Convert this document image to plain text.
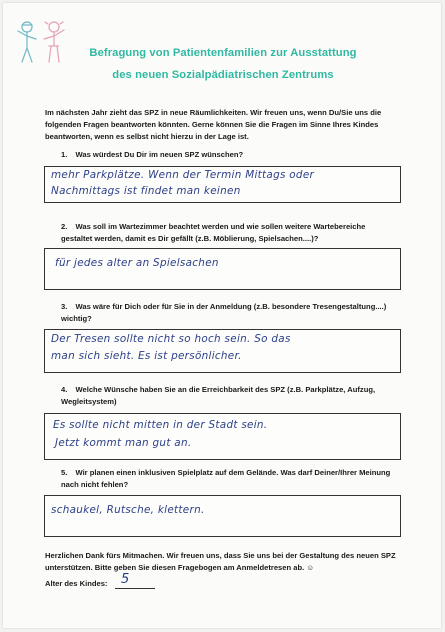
Befragung von Patientenfamilien zur Ausstattung
des neuen Sozialpädiatrischen Zentrums
Im nächsten Jahr zieht das SPZ in neue Räumlichkeiten. Wir freuen uns, wenn Du/Sie uns die folgenden Fragen beantworten könnten. Gerne können Sie die Fragen im Sinne Ihres Kindes beantworten, wenn es selbst nicht hierzu in der Lage ist.
1. Was würdest Du Dir im neuen SPZ wünschen?
mehr Parkplätze. Wenn der Termin Mittags oder
Nachmittags ist findet man keinen
2. Was soll im Wartezimmer beachtet werden und wie sollen weitere Wartebereiche gestaltet werden, damit es Dir gefällt (z.B. Möblierung, Spielsachen....)?
für jedes alter an Spielsachen
3. Was wäre für Dich oder für Sie in der Anmeldung (z.B. besondere Tresengestaltung....) wichtig?
Der Tresen sollte nicht so hoch sein. So das
man sich sieht. Es ist persönlicher.
4. Welche Wünsche haben Sie an die Erreichbarkeit des SPZ (z.B. Parkplätze, Aufzug, Wegleitsystem)
Es sollte nicht mitten in der Stadt sein.
Jetzt kommt man gut an.
5. Wir planen einen inklusiven Spielplatz auf dem Gelände. Was darf Deiner/Ihrer Meinung nach nicht fehlen?
schaukel, Rutsche, klettern.
Herzlichen Dank fürs Mitmachen. Wir freuen uns, dass Sie uns bei der Gestaltung des neuen SPZ unterstützen. Bitte geben Sie diesen Fragebogen am Anmeldetresen ab. ☺
Alter des Kindes: 5
